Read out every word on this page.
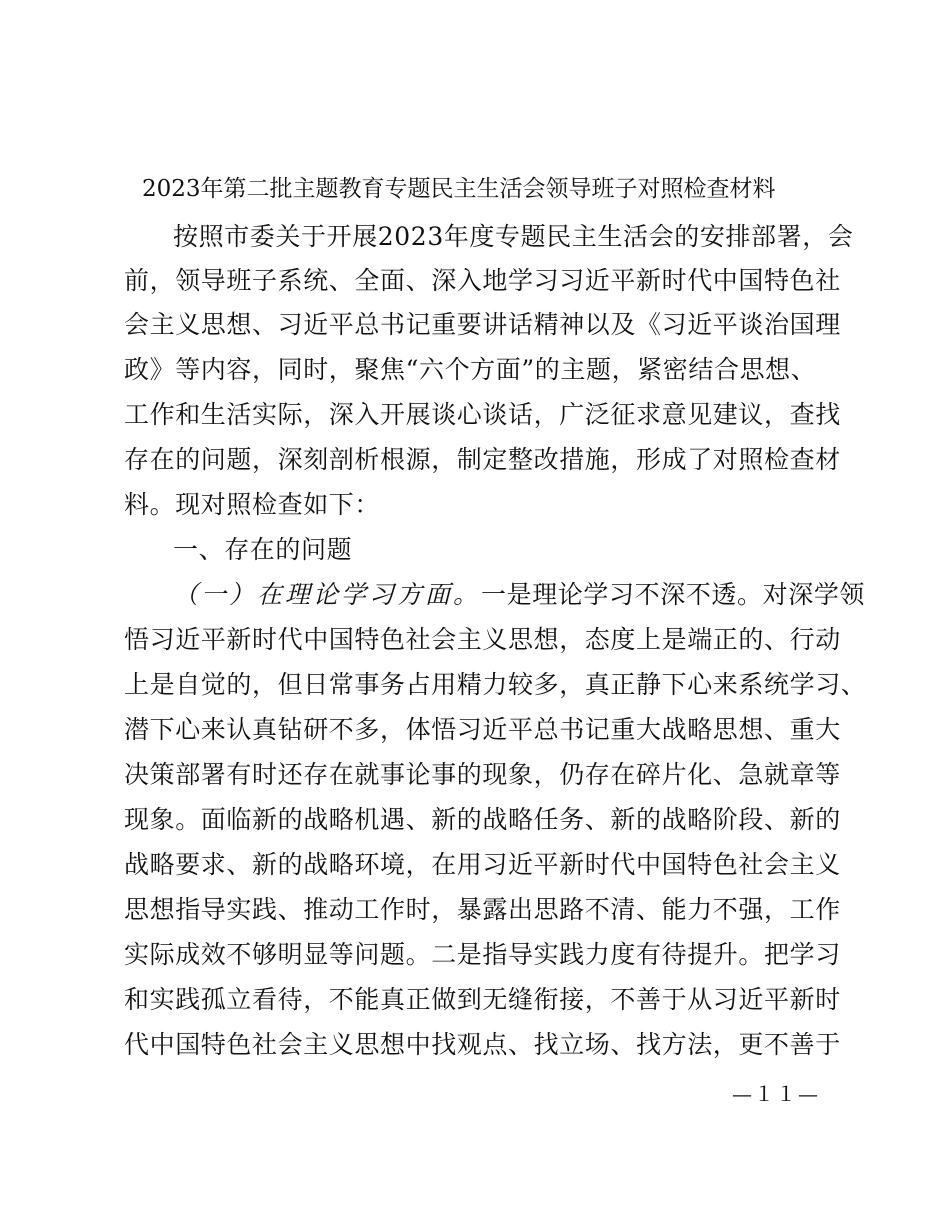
2023年第二批主题教育专题民主生活会领导班子对照检查材料
按照市委关于开展2023年度专题民主生活会的安排部署，会
前，领导班子系统、全面、深入地学习习近平新时代中国特色社
会主义思想、习近平总书记重要讲话精神以及《习近平谈治国理
政》等内容，同时，聚焦“六个方面”的主题，紧密结合思想、
工作和生活实际，深入开展谈心谈话，广泛征求意见建议，查找
存在的问题，深刻剖析根源，制定整改措施，形成了对照检查材
料。现对照检查如下：
一、存在的问题
（一）在理论学习方面。一是理论学习不深不透。对深学领
悟习近平新时代中国特色社会主义思想，态度上是端正的、行动
上是自觉的，但日常事务占用精力较多，真正静下心来系统学习、
潜下心来认真钻研不多，体悟习近平总书记重大战略思想、重大
决策部署有时还存在就事论事的现象，仍存在碎片化、急就章等
现象。面临新的战略机遇、新的战略任务、新的战略阶段、新的
战略要求、新的战略环境，在用习近平新时代中国特色社会主义
思想指导实践、推动工作时，暴露出思路不清、能力不强，工作
实际成效不够明显等问题。二是指导实践力度有待提升。把学习
和实践孤立看待，不能真正做到无缝衔接，不善于从习近平新时
代中国特色社会主义思想中找观点、找立场、找方法，更不善于
—１１—
